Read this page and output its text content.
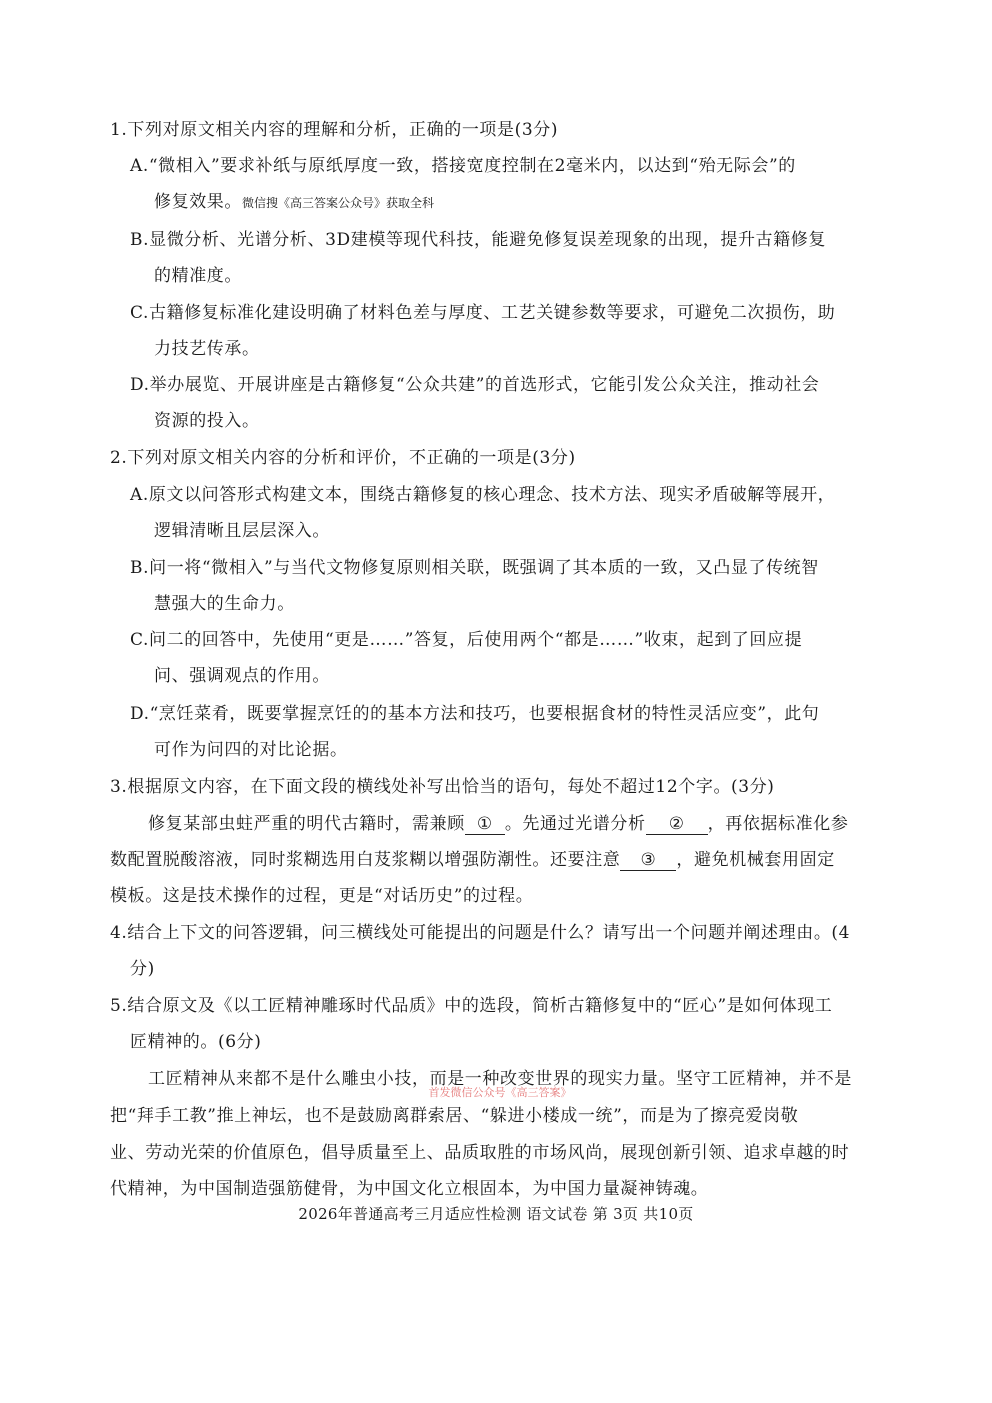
1.下列对原文相关内容的理解和分析，正确的一项是(3分)
A.“微相入”要求补纸与原纸厚度一致，搭接宽度控制在2毫米内，以达到“殆无际会”的
修复效果。微信搜《高三答案公众号》获取全科
B.显微分析、光谱分析、3D建模等现代科技，能避免修复误差现象的出现，提升古籍修复
的精准度。
C.古籍修复标准化建设明确了材料色差与厚度、工艺关键参数等要求，可避免二次损伤，助
力技艺传承。
D.举办展览、开展讲座是古籍修复“公众共建”的首选形式，它能引发公众关注，推动社会
资源的投入。
2.下列对原文相关内容的分析和评价，不正确的一项是(3分)
A.原文以问答形式构建文本，围绕古籍修复的核心理念、技术方法、现实矛盾破解等展开，
逻辑清晰且层层深入。
B.问一将“微相入”与当代文物修复原则相关联，既强调了其本质的一致，又凸显了传统智
慧强大的生命力。
C.问二的回答中，先使用“更是……”答复，后使用两个“都是……”收束，起到了回应提
问、强调观点的作用。
D.“烹饪菜肴，既要掌握烹饪的的基本方法和技巧，也要根据食材的特性灵活应变”，此句
可作为问四的对比论据。
3.根据原文内容，在下面文段的横线处补写出恰当的语句，每处不超过12个字。(3分)
修复某部虫蛀严重的明代古籍时，需兼顾 ① 。先通过光谱分析 ② ，再依据标准化参
数配置脱酸溶液，同时浆糊选用白芨浆糊以增强防潮性。还要注意 ③ ，避免机械套用固定
模板。这是技术操作的过程，更是“对话历史”的过程。
4.结合上下文的问答逻辑，问三横线处可能提出的问题是什么？请写出一个问题并阐述理由。(4
分)
5.结合原文及《以工匠精神雕琢时代品质》中的选段，简析古籍修复中的“匠心”是如何体现工
匠精神的。(6分)
工匠精神从来都不是什么雕虫小技，而是一种改变世界的现实力量。坚守工匠精神，并不是
把“拜手工教”推上神坛，也不是鼓励离群索居、“躲进小楼成一统”，而是为了擦亮爱岗敬
业、劳动光荣的价值原色，倡导质量至上、品质取胜的市场风尚，展现创新引领、追求卓越的时
代精神，为中国制造强筋健骨，为中国文化立根固本，为中国力量凝神铸魂。
首发微信公众号《高三答案》
2026年普通高考三月适应性检测 语文试卷 第 3页 共10页
